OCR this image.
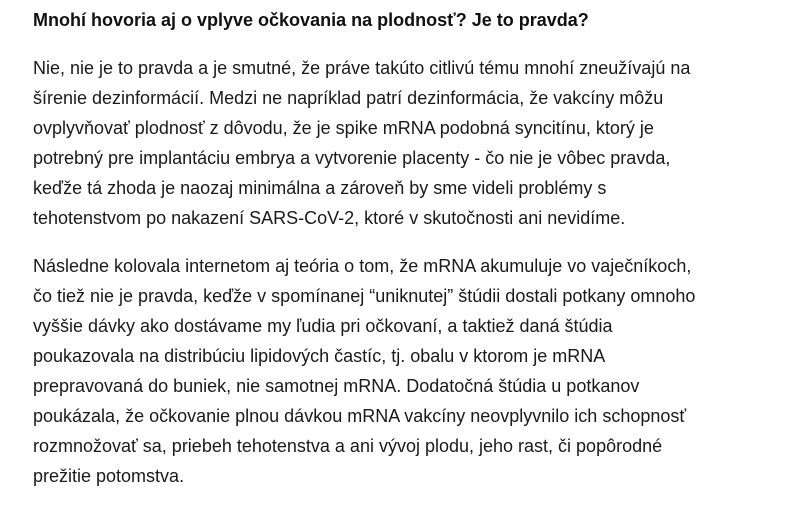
Mnohí hovoria aj o vplyve očkovania na plodnosť? Je to pravda?

Nie, nie je to pravda a je smutné, že práve takúto citlivú tému mnohí zneužívajú na
šírenie dezinformácií. Medzi ne napríklad patrí dezinformácia, že vakcíny môžu
ovplyvňovať plodnosť z dôvodu, že je spike mRNA podobná syncitínu, ktorý je
potrebný pre implantáciu embrya a vytvorenie placenty - čo nie je vôbec pravda,
keďže tá zhoda je naozaj minimálna a zároveň by sme videli problémy s
tehotenstvom po nakazení SARS-CoV-2, ktoré v skutočnosti ani nevidíme.

Následne kolovala internetom aj teória o tom, že mRNA akumuluje vo vaječníkoch,
čo tiež nie je pravda, keďže v spomínanej “uniknutej” štúdii dostali potkany omnoho
vyššie dávky ako dostávame my ľudia pri očkovaní, a taktiež daná štúdia
poukazovala na distribúciu lipidových častíc, tj. obalu v ktorom je mRNA
prepravovaná do buniek, nie samotnej mRNA. Dodatočná štúdia u potkanov
poukázala, že očkovanie plnou dávkou mRNA vakcíny neovplyvnilo ich schopnosť
rozmnožovať sa, priebeh tehotenstva a ani vývoj plodu, jeho rast, či popôrodné
prežitie potomstva.
